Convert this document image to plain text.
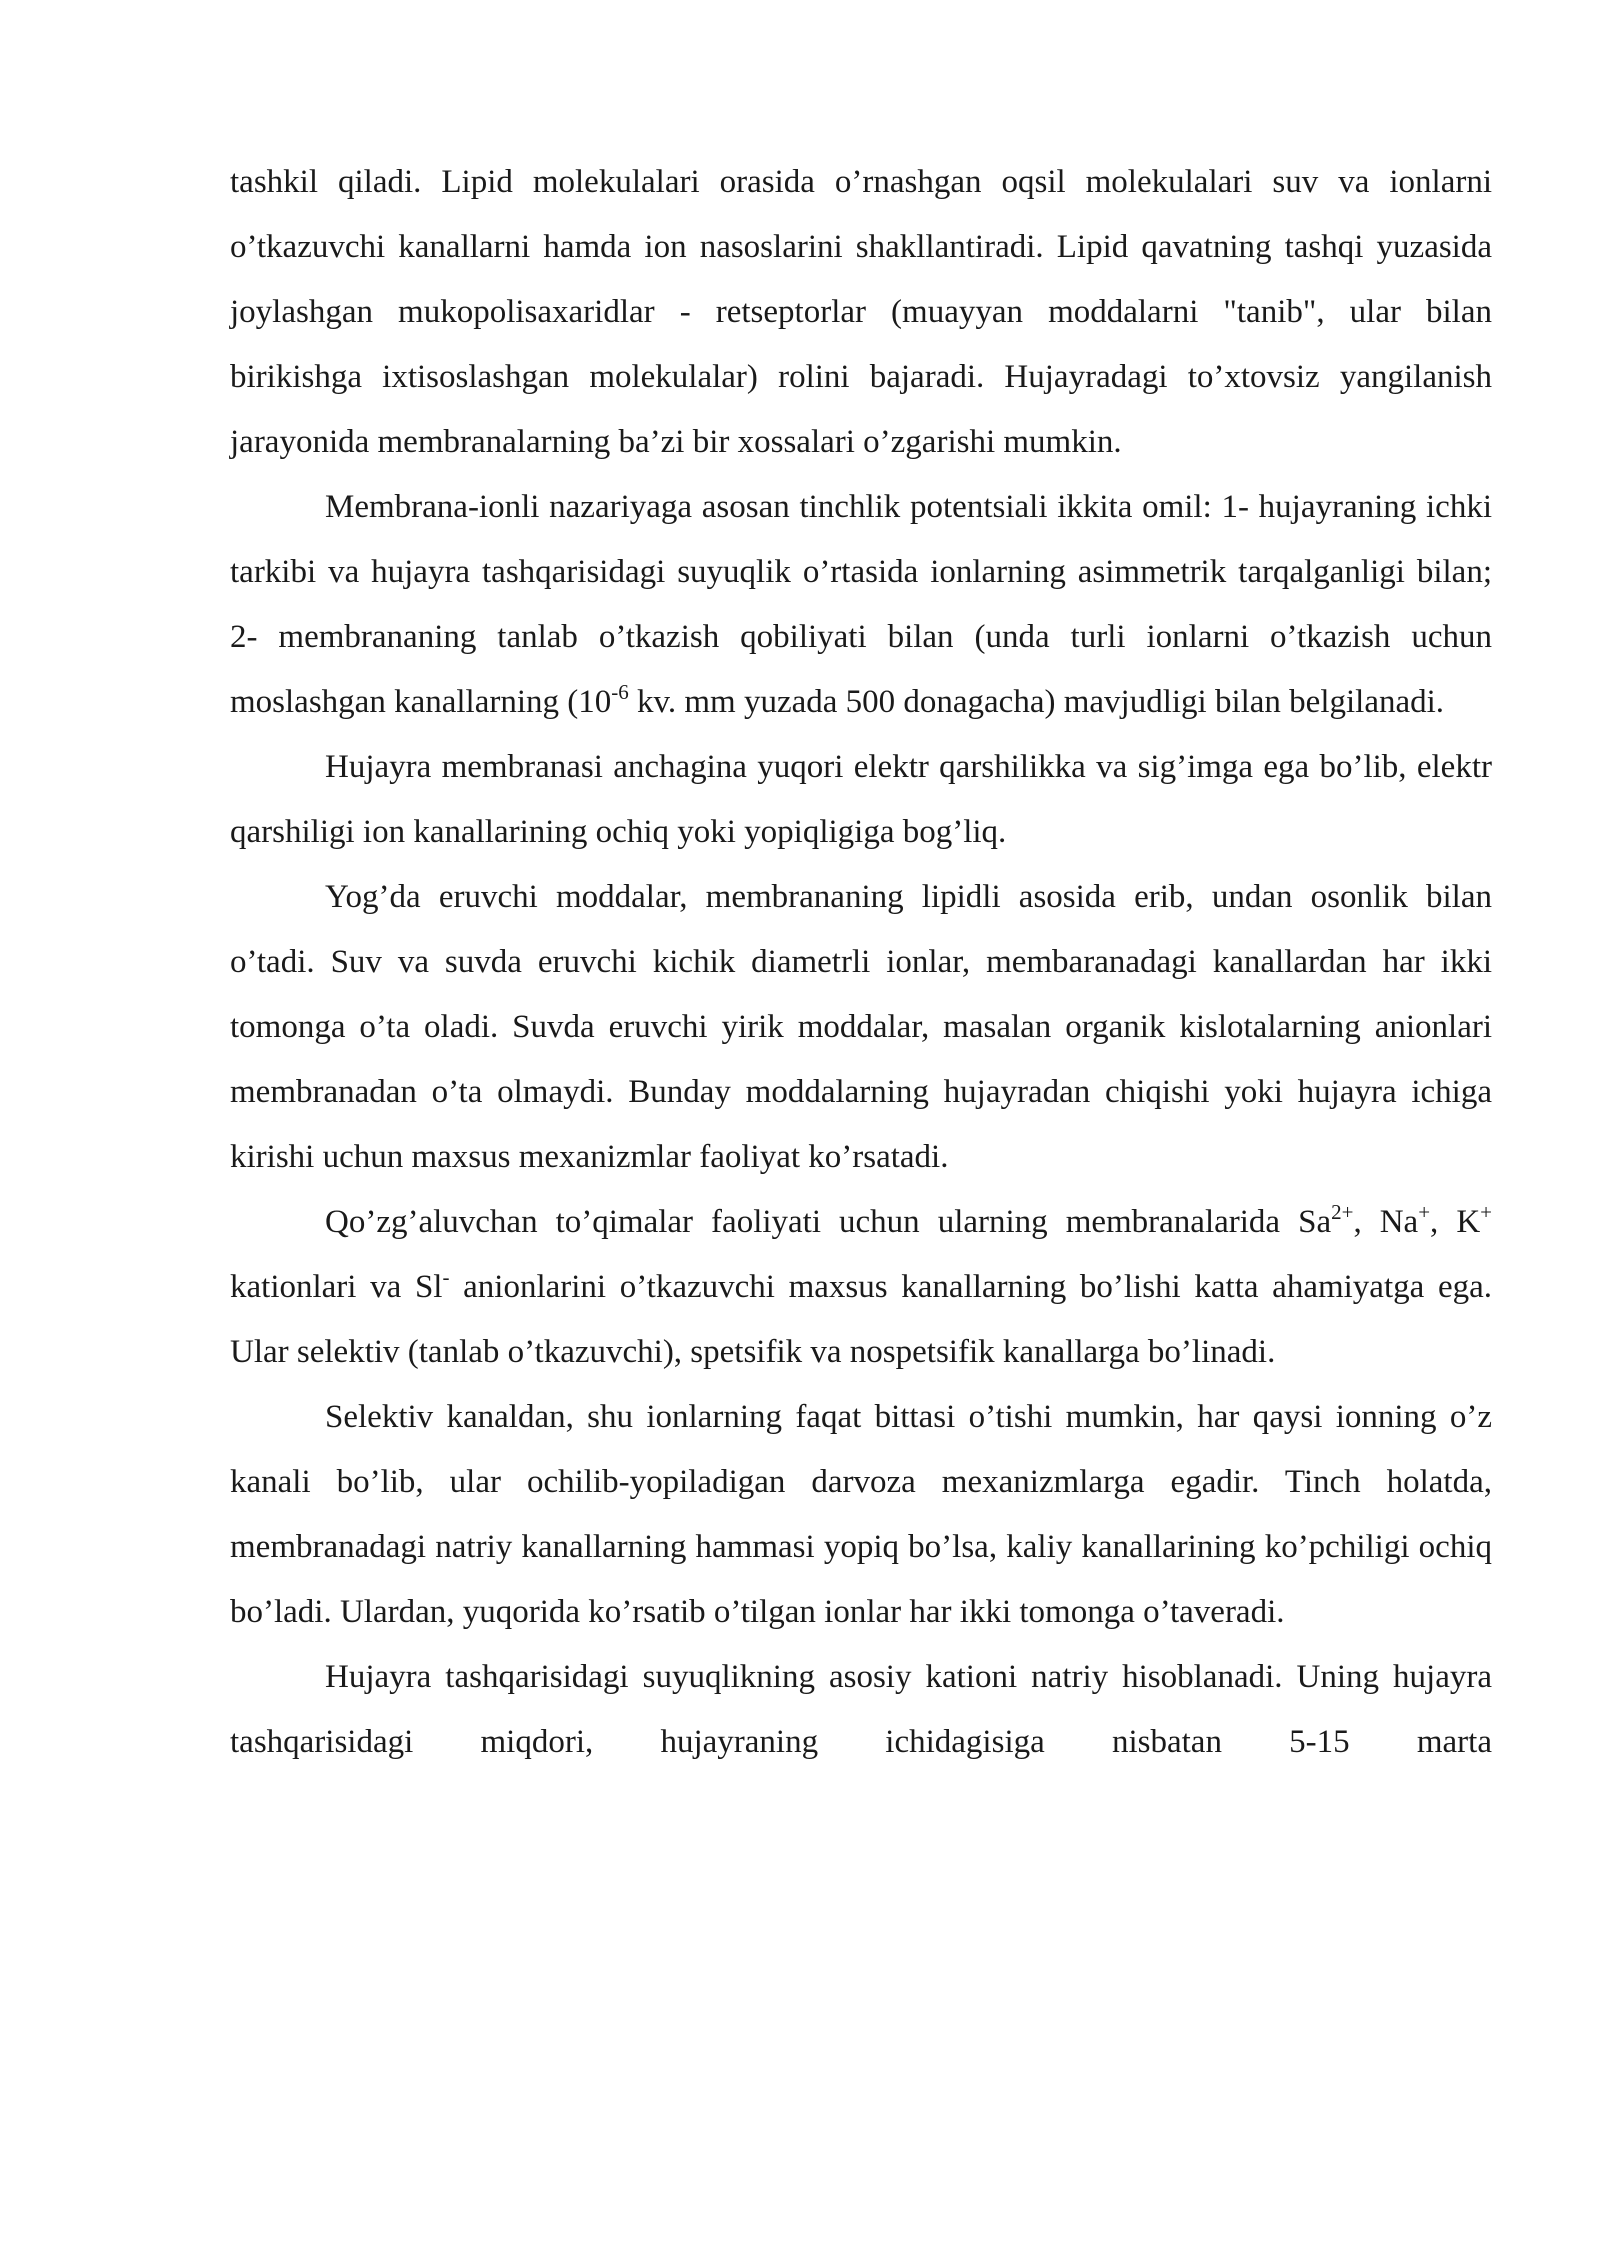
tashkil qiladi. Lipid molekulalari orasida o’rnashgan oqsil molekulalari suv va ionlarni o’tkazuvchi kanallarni hamda ion nasoslarini shakllantiradi. Lipid qavatning tashqi yuzasida joylashgan mukopolisaxaridlar - retseptorlar (muayyan moddalarni "tanib", ular bilan birikishga ixtisoslashgan molekulalar) rolini bajaradi. Hujayradagi to’xtovsiz yangilanish jarayonida membranalarning ba’zi bir xossalari o’zgarishi mumkin.

Membrana-ionli nazariyaga asosan tinchlik potentsiali ikkita omil: 1- hujayraning ichki tarkibi va hujayra tashqarisidagi suyuqlik o’rtasida ionlarning asimmetrik tarqalganligi bilan; 2- membrananing tanlab o’tkazish qobiliyati bilan (unda turli ionlarni o’tkazish uchun moslashgan kanallarning ($10^{-6}$ kv. mm yuzada 500 donagacha) mavjudligi bilan belgilanadi.

Hujayra membranasi anchagina yuqori elektr qarshilikka va sig’imga ega bo’lib, elektr qarshiligi ion kanallarining ochiq yoki yopiqligiga bog’liq.

Yog’da eruvchi moddalar, membrananing lipidli asosida erib, undan osonlik bilan o’tadi. Suv va suvda eruvchi kichik diametrli ionlar, membaranadagi kanallardan har ikki tomonga o’ta oladi. Suvda eruvchi yirik moddalar, masalan organik kislotalarning anionlari membranadan o’ta olmaydi. Bunday moddalarning hujayradan chiqishi yoki hujayra ichiga kirishi uchun maxsus mexanizmlar faoliyat ko’rsatadi.

Qo’zg’aluvchan to’qimalar faoliyati uchun ularning membranalarida $Sa^{2+}$, Na+, K+ kationlari va Sl- anionlarini o’tkazuvchi maxsus kanallarning bo’lishi katta ahamiyatga ega. Ular selektiv (tanlab o’tkazuvchi), spetsifik va nospetsifik kanallarga bo’linadi.

Selektiv kanaldan, shu ionlarning faqat bittasi o’tishi mumkin, har qaysi ionning o’z kanali bo’lib, ular ochilib-yopiladigan darvoza mexanizmlarga egadir. Tinch holatda, membranadagi natriy kanallarning hammasi yopiq bo’lsa, kaliy kanallarining ko’pchiligi ochiq bo’ladi. Ulardan, yuqorida ko’rsatib o’tilgan ionlar har ikki tomonga o’taveradi.

Hujayra tashqarisidagi suyuqlikning asosiy kationi natriy hisoblanadi. Uning hujayra tashqarisidagi miqdori, hujayraning ichidagisiga nisbatan 5-15 marta
